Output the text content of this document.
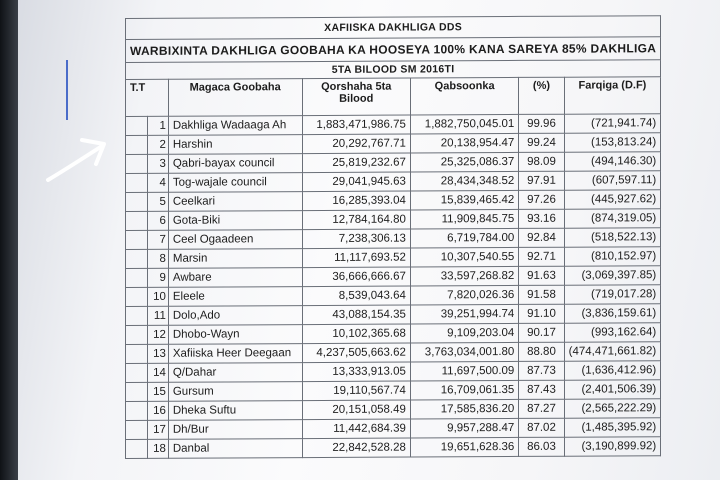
XAFIISKA DAKHLIGA DDS						
WARBIXINTA DAKHLIGA GOOBAHA KA HOOSEYA 100% KANA SAREYA 85% DAKHLIGA						
5TA BILOOD SM 2016TI						
T.T		Magaca Goobaha	Qorshaha 5ta Bilood	Qabsoonka	(%)	Farqiga (D.F)
	1	Dakhliga Wadaaga Ah	1,883,471,986.75	1,882,750,045.01	99.96	(721,941.74)
	2	Harshin	20,292,767.71	20,138,954.47	99.24	(153,813.24)
	3	Qabri-bayax council	25,819,232.67	25,325,086.37	98.09	(494,146.30)
	4	Tog-wajale council	29,041,945.63	28,434,348.52	97.91	(607,597.11)
	5	Ceelkari	16,285,393.04	15,839,465.42	97.26	(445,927.62)
	6	Gota-Biki	12,784,164.80	11,909,845.75	93.16	(874,319.05)
	7	Ceel Ogaadeen	7,238,306.13	6,719,784.00	92.84	(518,522.13)
	8	Marsin	11,117,693.52	10,307,540.55	92.71	(810,152.97)
	9	Awbare	36,666,666.67	33,597,268.82	91.63	(3,069,397.85)
	10	Eleele	8,539,043.64	7,820,026.36	91.58	(719,017.28)
	11	Dolo,Ado	43,088,154.35	39,251,994.74	91.10	(3,836,159.61)
	12	Dhobo-Wayn	10,102,365.68	9,109,203.04	90.17	(993,162.64)
	13	Xafiiska Heer Deegaan	4,237,505,663.62	3,763,034,001.80	88.80	(474,471,661.82)
	14	Q/Dahar	13,333,913.05	11,697,500.09	87.73	(1,636,412.96)
	15	Gursum	19,110,567.74	16,709,061.35	87.43	(2,401,506.39)
	16	Dheka Suftu	20,151,058.49	17,585,836.20	87.27	(2,565,222.29)
	17	Dh/Bur	11,442,684.39	9,957,288.47	87.02	(1,485,395.92)
	18	Danbal	22,842,528.28	19,651,628.36	86.03	(3,190,899.92)
